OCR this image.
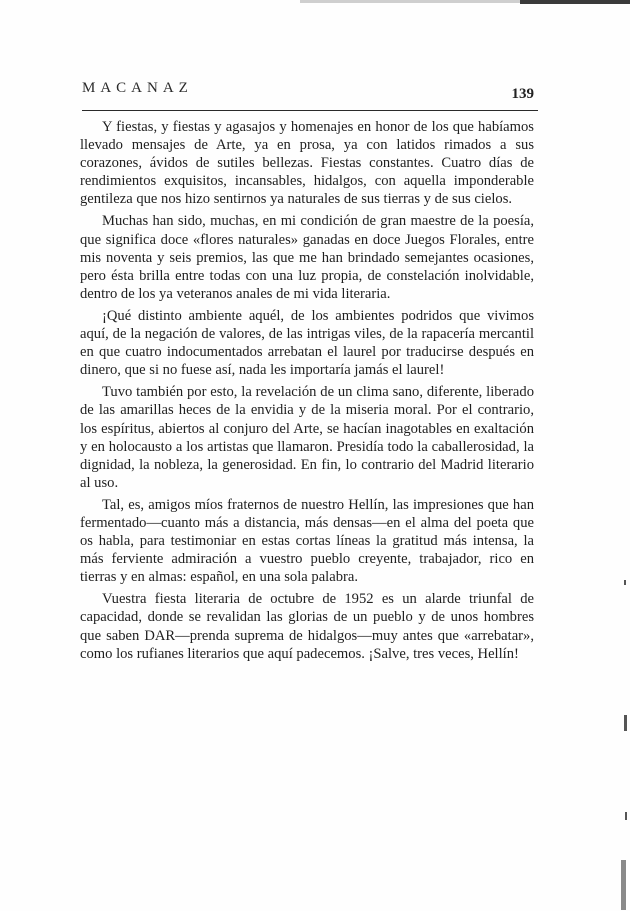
MACANAZ	139

Y fiestas, y fiestas y agasajos y homenajes en honor de los que habíamos llevado mensajes de Arte, ya en prosa, ya con latidos rimados a sus corazones, ávidos de sutiles bellezas. Fiestas constantes. Cuatro días de rendimientos exquisitos, incansables, hidalgos, con aquella imponderable gentileza que nos hizo sentirnos ya naturales de sus tierras y de sus cielos.

Muchas han sido, muchas, en mi condición de gran maestre de la poesía, que significa doce «flores naturales» ganadas en doce Juegos Florales, entre mis noventa y seis premios, las que me han brindado semejantes ocasiones, pero ésta brilla entre todas con una luz propia, de constelación inolvidable, dentro de los ya veteranos anales de mi vida literaria.

¡Qué distinto ambiente aquél, de los ambientes podridos que vivimos aquí, de la negación de valores, de las intrigas viles, de la rapacería mercantil en que cuatro indocumentados arrebatan el laurel por traducirse después en dinero, que si no fuese así, nada les importaría jamás el laurel!

Tuvo también por esto, la revelación de un clima sano, diferente, liberado de las amarillas heces de la envidia y de la miseria moral. Por el contrario, los espíritus, abiertos al conjuro del Arte, se hacían inagotables en exaltación y en holocausto a los artistas que llamaron. Presidía todo la caballerosidad, la dignidad, la nobleza, la generosidad. En fin, lo contrario del Madrid literario al uso.

Tal, es, amigos míos fraternos de nuestro Hellín, las impresiones que han fermentado—cuanto más a distancia, más densas—en el alma del poeta que os habla, para testimoniar en estas cortas líneas la gratitud más intensa, la más ferviente admiración a vuestro pueblo creyente, trabajador, rico en tierras y en almas: español, en una sola palabra.

Vuestra fiesta literaria de octubre de 1952 es un alarde triunfal de capacidad, donde se revalidan las glorias de un pueblo y de unos hombres que saben DAR—prenda suprema de hidalgos—muy antes que «arrebatar», como los rufianes literarios que aquí padecemos. ¡Salve, tres veces, Hellín!
